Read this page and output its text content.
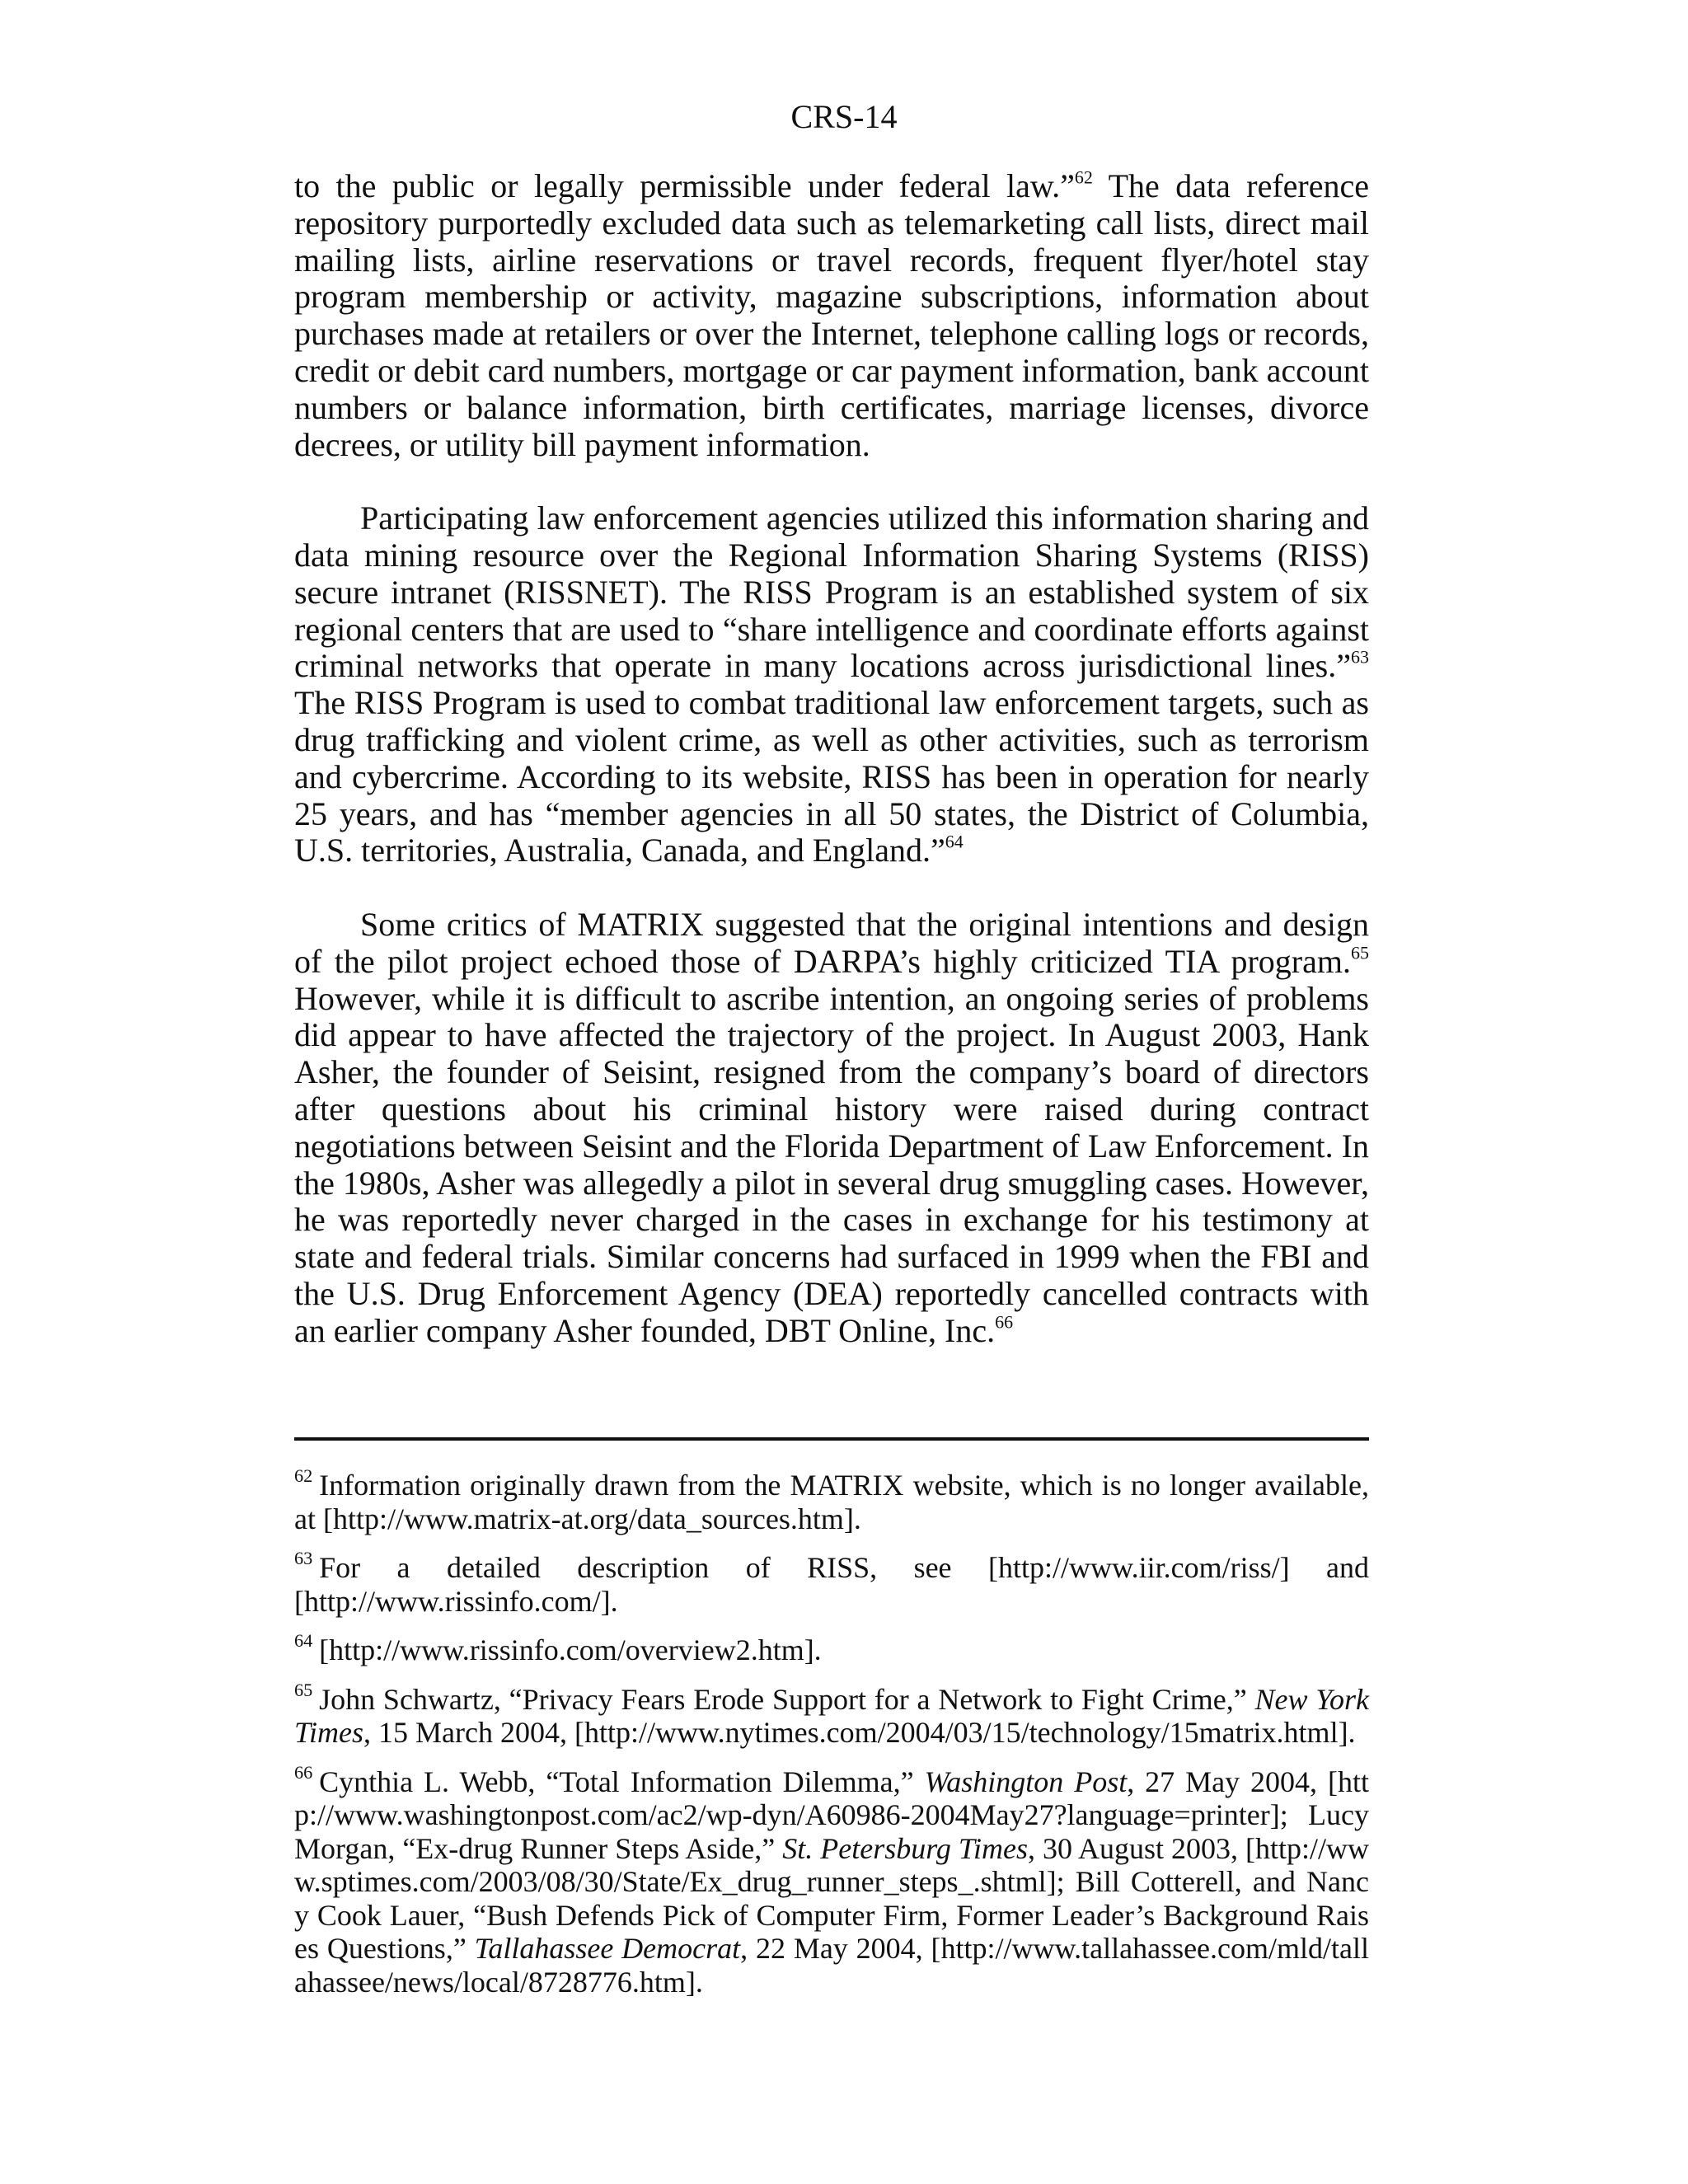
CRS-14

to the public or legally permissible under federal law.”$^{62}$ The data reference repository purportedly excluded data such as telemarketing call lists, direct mail mailing lists, airline reservations or travel records, frequent flyer/hotel stay program membership or activity, magazine subscriptions, information about purchases made at retailers or over the Internet, telephone calling logs or records, credit or debit card numbers, mortgage or car payment information, bank account numbers or balance information, birth certificates, marriage licenses, divorce decrees, or utility bill payment information.

Participating law enforcement agencies utilized this information sharing and data mining resource over the Regional Information Sharing Systems (RISS) secure intranet (RISSNET). The RISS Program is an established system of six regional centers that are used to “share intelligence and coordinate efforts against criminal networks that operate in many locations across jurisdictional lines.”$^{63}$ The RISS Program is used to combat traditional law enforcement targets, such as drug trafficking and violent crime, as well as other activities, such as terrorism and cybercrime. According to its website, RISS has been in operation for nearly 25 years, and has “member agencies in all 50 states, the District of Columbia, U.S. territories, Australia, Canada, and England.”$^{64}$

Some critics of MATRIX suggested that the original intentions and design of the pilot project echoed those of DARPA’s highly criticized TIA program.$^{65}$ However, while it is difficult to ascribe intention, an ongoing series of problems did appear to have affected the trajectory of the project. In August 2003, Hank Asher, the founder of Seisint, resigned from the company’s board of directors after questions about his criminal history were raised during contract negotiations between Seisint and the Florida Department of Law Enforcement. In the 1980s, Asher was allegedly a pilot in several drug smuggling cases. However, he was reportedly never charged in the cases in exchange for his testimony at state and federal trials. Similar concerns had surfaced in 1999 when the FBI and the U.S. Drug Enforcement Agency (DEA) reportedly cancelled contracts with an earlier company Asher founded, DBT Online, Inc.$^{66}$

$^{62}$ Information originally drawn from the MATRIX website, which is no longer available, at [http://www.matrix-at.org/data_sources.htm].

$^{63}$ For a detailed description of RISS, see [http://www.iir.com/riss/] and [http://www.rissinfo.com/].

$^{64}$ [http://www.rissinfo.com/overview2.htm].

$^{65}$ John Schwartz, “Privacy Fears Erode Support for a Network to Fight Crime,” New York Times, 15 March 2004, [http://www.nytimes.com/2004/03/15/technology/15matrix.html].

$^{66}$ Cynthia L. Webb, “Total Information Dilemma,” Washington Post, 27 May 2004, [http://www.washingtonpost.com/ac2/wp-dyn/A60986-2004May27?language=printer]; Lucy Morgan, “Ex-drug Runner Steps Aside,” St. Petersburg Times, 30 August 2003, [http://www.sptimes.com/2003/08/30/State/Ex_drug_runner_steps_.shtml]; Bill Cotterell, and Nancy Cook Lauer, “Bush Defends Pick of Computer Firm, Former Leader’s Background Raises Questions,” Tallahassee Democrat, 22 May 2004, [http://www.tallahassee.com/mld/tallahassee/news/local/8728776.htm].
